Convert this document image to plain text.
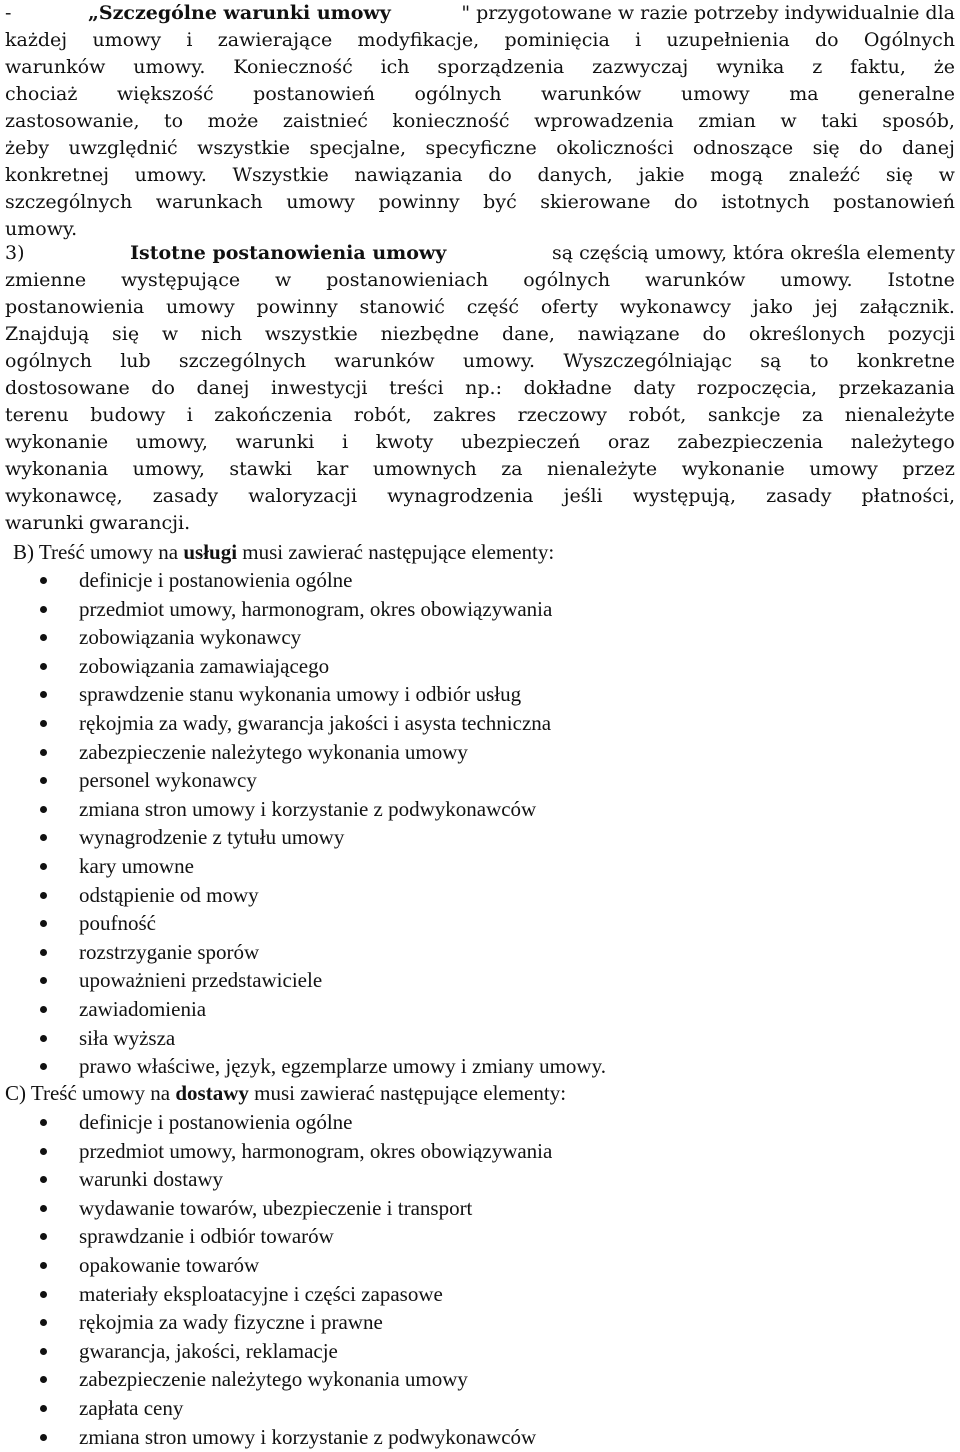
-	„Szczególne warunki umowy	" przygotowane w razie potrzeby indywidualnie dla
każdej umowy i zawierające modyfikacje, pominięcia i uzupełnienia do Ogólnych
warunków umowy. Konieczność ich sporządzenia zazwyczaj wynika z faktu, że
chociaż większość postanowień ogólnych warunków umowy ma generalne
zastosowanie, to może zaistnieć konieczność wprowadzenia zmian w taki sposób,
żeby uwzględnić wszystkie specjalne, specyficzne okoliczności odnoszące się do danej
konkretnej umowy. Wszystkie nawiązania do danych, jakie mogą znaleźć się w
szczególnych warunkach umowy powinny być skierowane do istotnych postanowień
umowy.
3)	Istotne postanowienia umowy	są częścią umowy, która określa elementy
zmienne występujące w postanowieniach ogólnych warunków umowy. Istotne
postanowienia umowy powinny stanowić część oferty wykonawcy jako jej załącznik.
Znajdują się w nich wszystkie niezbędne dane, nawiązane do określonych pozycji
ogólnych lub szczególnych warunków umowy. Wyszczególniając są to konkretne
dostosowane do danej inwestycji treści np.: dokładne daty rozpoczęcia, przekazania
terenu budowy i zakończenia robót, zakres rzeczowy robót, sankcje za nienależyte
wykonanie umowy, warunki i kwoty ubezpieczeń oraz zabezpieczenia należytego
wykonania umowy, stawki kar umownych za nienależyte wykonanie umowy przez
wykonawcę, zasady waloryzacji wynagrodzenia jeśli występują, zasady płatności,
warunki gwarancji.

B) Treść umowy na usługi musi zawierać następujące elementy:

definicje i postanowienia ogólne
przedmiot umowy, harmonogram, okres obowiązywania
zobowiązania wykonawcy
zobowiązania zamawiającego
sprawdzenie stanu wykonania umowy i odbiór usług
rękojmia za wady, gwarancja jakości i asysta techniczna
zabezpieczenie należytego wykonania umowy
personel wykonawcy
zmiana stron umowy i korzystanie z podwykonawców
wynagrodzenie z tytułu umowy
kary umowne
odstąpienie od mowy
poufność
rozstrzyganie sporów
upoważnieni przedstawiciele
zawiadomienia
siła wyższa
prawo właściwe, język, egzemplarze umowy i zmiany umowy.

C) Treść umowy na dostawy musi zawierać następujące elementy:

definicje i postanowienia ogólne
przedmiot umowy, harmonogram, okres obowiązywania
warunki dostawy
wydawanie towarów, ubezpieczenie i transport
sprawdzanie i odbiór towarów
opakowanie towarów
materiały eksploatacyjne i części zapasowe
rękojmia za wady fizyczne i prawne
gwarancja, jakości, reklamacje
zabezpieczenie należytego wykonania umowy
zapłata ceny
zmiana stron umowy i korzystanie z podwykonawców
